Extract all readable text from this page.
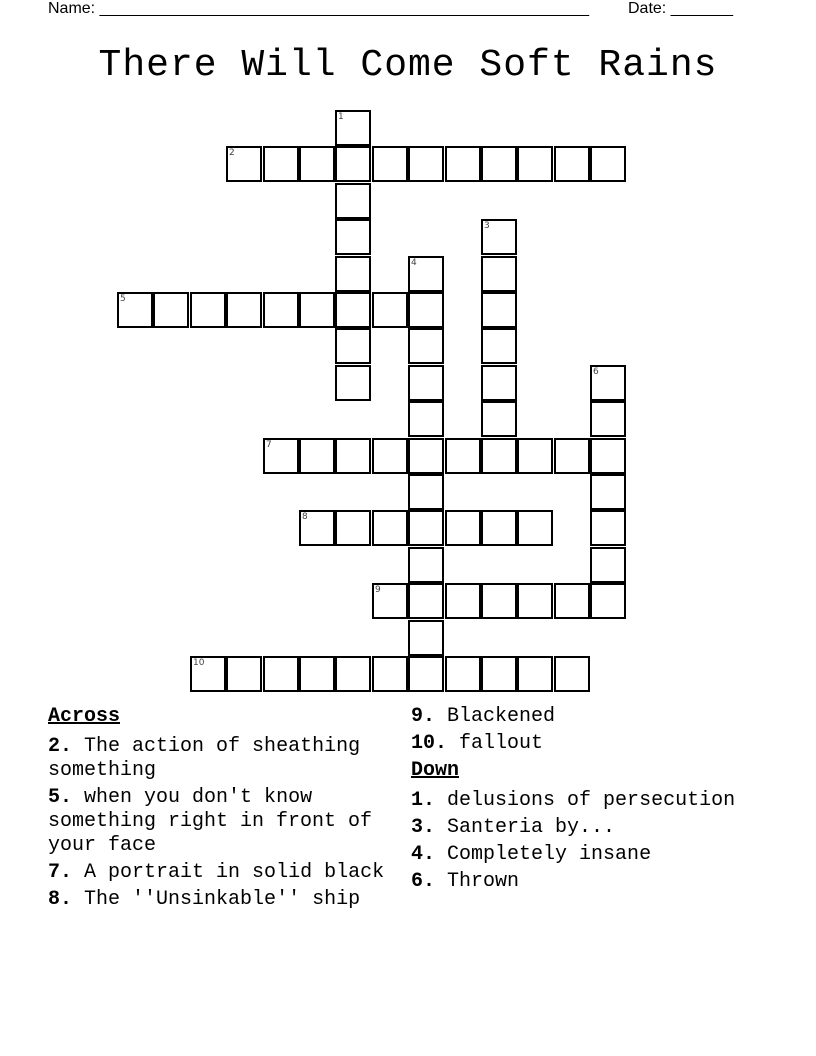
Name: _______________________________________________________ Date: _______
There Will Come Soft Rains
1
2
3
4
5
6
7
8
9
10
Across
2. The action of sheathing something
5. when you don't know something right in front of your face
7. A portrait in solid black
8. The ''Unsinkable'' ship
9. Blackened
10. fallout
Down
1. delusions of persecution
3. Santeria by...
4. Completely insane
6. Thrown
